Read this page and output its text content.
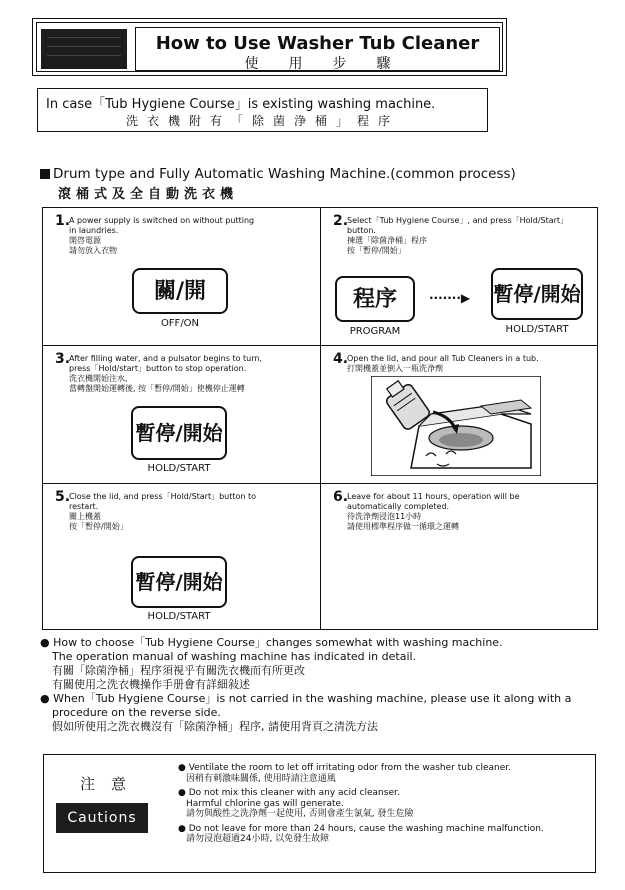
How to Use Washer Tub Cleaner
使用步驟
In case「Tub Hygiene Course」is existing washing machine.
洗衣機附有「除菌浄桶」程序
Drum type and Fully Automatic Washing Machine.(common process)
滾桶式及全自動洗衣機
1.
A power supply is switched on without putting
in laundries.
開啓電源
請勿放入衣物
關/開
OFF/ON
2.
Select「Tub Hygiene Course」, and press「Hold/Start」
button.
揀選「除菌浄桶」程序
按「暫停/開始」
程序
PROGRAM
·······▶ 暫停/開始
HOLD/START
3.
After filling water, and a pulsator begins to turn,
press「Hold/start」button to stop operation.
洗衣機開始注水,
當轉盤開始運轉後, 按「暫停/開始」使機停止運轉
暫停/開始
HOLD/START
4.
Open the lid, and pour all Tub Cleaners in a tub.
打開機蓋並倒入一瓶洗浄劑
5.
Close the lid, and press「Hold/Start」button to
restart.
關上機蓋
按「暫停/開始」
暫停/開始
HOLD/START
6.
Leave for about 11 hours, operation will be
automatically completed.
待洗浄劑浸泡11小時
請使用標準程序做一循環之運轉
● How to choose「Tub Hygiene Course」changes somewhat with washing machine.
The operation manual of washing machine has indicated in detail.
有關「除菌浄桶」程序須視乎有關洗衣機而有所更改
有關使用之洗衣機操作手册會有詳細敍述
● When「Tub Hygiene Course」is not carried in the washing machine, please use it along with a
procedure on the reverse side.
假如所使用之洗衣機沒有「除菌浄桶」程序, 請使用背頁之清洗方法
注意
Cautions
● Ventilate the room to let off irritating odor from the washer tub cleaner.
因稍有刺激味關係, 使用時請注意通風
● Do not mix this cleaner with any acid cleanser.
Harmful chlorine gas will generate.
請勿與酸性之洗浄劑一起使用, 否則會產生氯氣, 發生危險
● Do not leave for more than 24 hours, cause the washing machine malfunction.
請勿浸泡超過24小時, 以免發生故障
